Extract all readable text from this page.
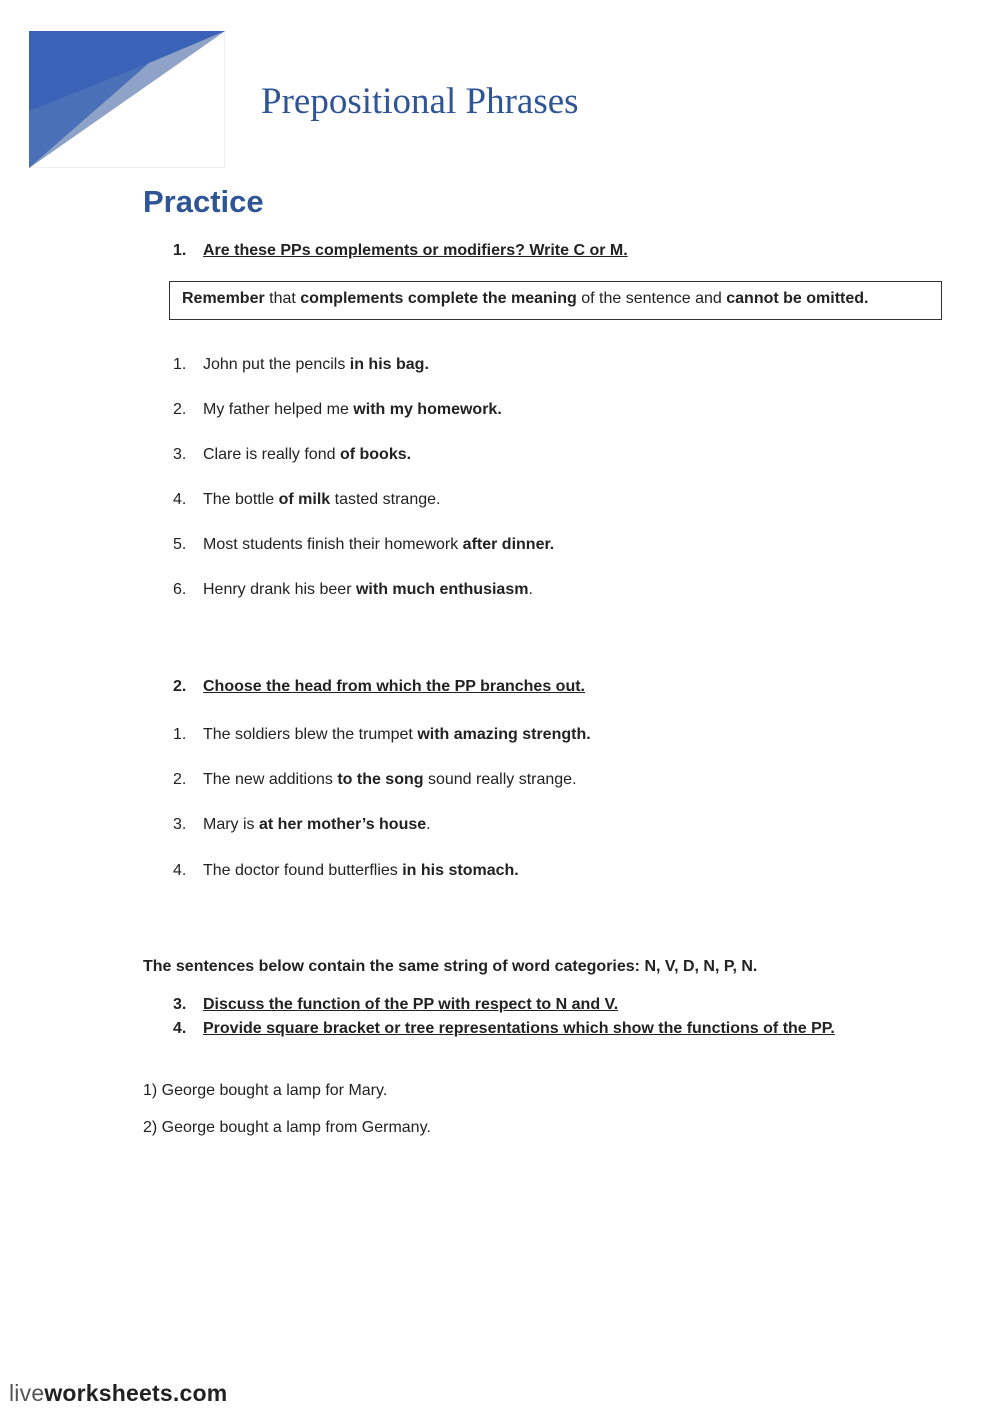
Prepositional Phrases
Practice
1. Are these PPs complements or modifiers? Write C or M.
Remember that complements complete the meaning of the sentence and cannot be omitted.
1. John put the pencils in his bag.
2. My father helped me with my homework.
3. Clare is really fond of books.
4. The bottle of milk tasted strange.
5. Most students finish their homework after dinner.
6. Henry drank his beer with much enthusiasm.
2. Choose the head from which the PP branches out.
1. The soldiers blew the trumpet with amazing strength.
2. The new additions to the song sound really strange.
3. Mary is at her mother’s house.
4. The doctor found butterflies in his stomach.
The sentences below contain the same string of word categories: N, V, D, N, P, N.
3. Discuss the function of the PP with respect to N and V.
4. Provide square bracket or tree representations which show the functions of the PP.
1) George bought a lamp for Mary.
2) George bought a lamp from Germany.
liveworksheets.com
